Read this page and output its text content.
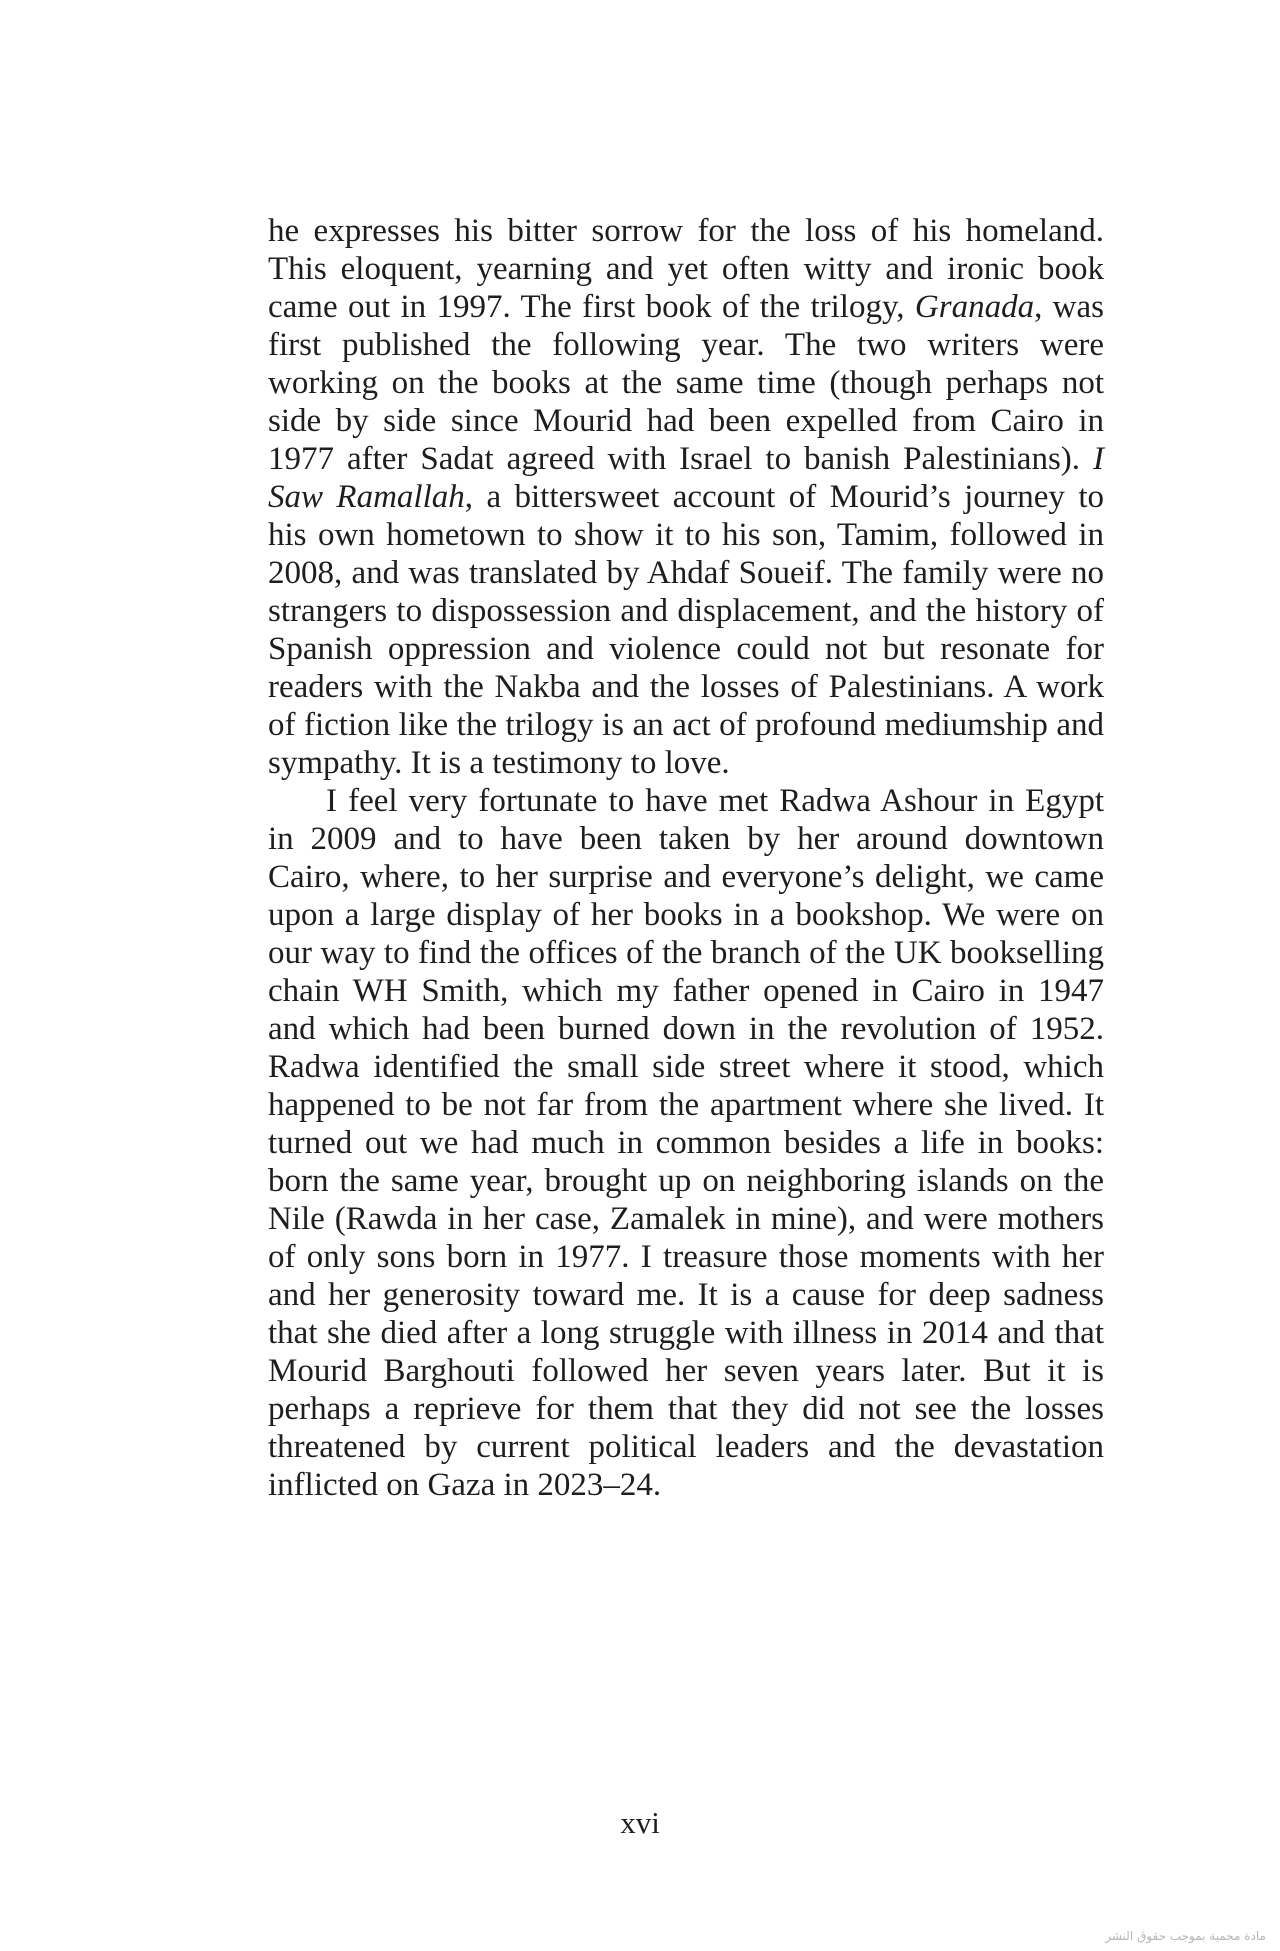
he expresses his bitter sorrow for the loss of his homeland. This eloquent, yearning and yet often witty and ironic book came out in 1997. The first book of the trilogy, Granada, was first published the following year. The two writers were working on the books at the same time (though perhaps not side by side since Mourid had been expelled from Cairo in 1977 after Sadat agreed with Israel to banish Palestinians). I Saw Ramallah, a bittersweet account of Mourid’s journey to his own hometown to show it to his son, Tamim, followed in 2008, and was translated by Ahdaf Soueif. The family were no strangers to dispossession and displacement, and the history of Spanish oppression and violence could not but resonate for readers with the Nakba and the losses of Palestinians. A work of fiction like the trilogy is an act of profound mediumship and sympathy. It is a testimony to love.

I feel very fortunate to have met Radwa Ashour in Egypt in 2009 and to have been taken by her around downtown Cairo, where, to her surprise and everyone’s delight, we came upon a large display of her books in a bookshop. We were on our way to find the offices of the branch of the UK bookselling chain WH Smith, which my father opened in Cairo in 1947 and which had been burned down in the revolution of 1952. Radwa identified the small side street where it stood, which happened to be not far from the apartment where she lived. It turned out we had much in common besides a life in books: born the same year, brought up on neighboring islands on the Nile (Rawda in her case, Zamalek in mine), and were mothers of only sons born in 1977. I treasure those moments with her and her generosity toward me. It is a cause for deep sadness that she died after a long struggle with illness in 2014 and that Mourid Barghouti followed her seven years later. But it is perhaps a reprieve for them that they did not see the losses threatened by current political leaders and the devastation inflicted on Gaza in 2023–24.

xvi
مادة محمية بموجب حقوق النشر
